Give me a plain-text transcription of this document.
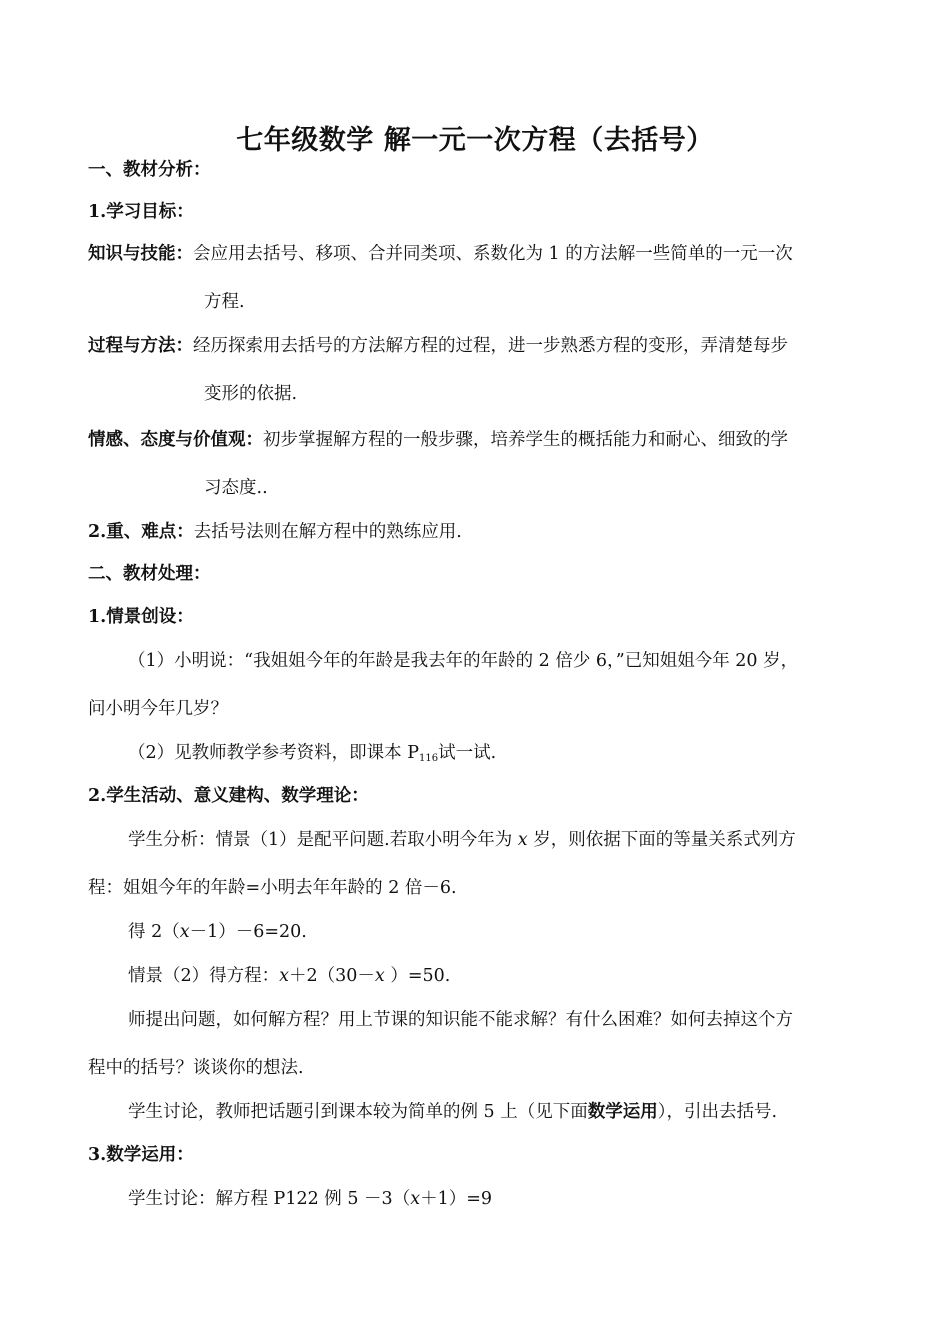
七年级数学 解一元一次方程（去括号）
一、教材分析：
1.学习目标：
知识与技能：会应用去括号、移项、合并同类项、系数化为 1 的方法解一些简单的一元一次
方程.
过程与方法：经历探索用去括号的方法解方程的过程，进一步熟悉方程的变形，弄清楚每步
变形的依据.
情感、态度与价值观：初步掌握解方程的一般步骤，培养学生的概括能力和耐心、细致的学
习态度..
2.重、难点：去括号法则在解方程中的熟练应用.
二、教材处理：
1.情景创设：
（1）小明说：“我姐姐今年的年龄是我去年的年龄的 2 倍少 6，”已知姐姐今年 20 岁，
问小明今年几岁？
（2）见教师教学参考资料，即课本 $P_{116}$试一试.
2.学生活动、意义建构、数学理论：
学生分析：情景（1）是配平问题.若取小明今年为 x 岁，则依据下面的等量关系式列方
程：姐姐今年的年龄=小明去年年龄的 2 倍－6.
得 2（x－1）－6=20.
情景（2）得方程：x＋2（30－x ）=50.
师提出问题，如何解方程？用上节课的知识能不能求解？有什么困难？如何去掉这个方
程中的括号？谈谈你的想法.
学生讨论，教师把话题引到课本较为简单的例 5 上（见下面数学运用），引出去括号.
3.数学运用：
学生讨论：解方程 P122 例 5 －3（x＋1）=9
